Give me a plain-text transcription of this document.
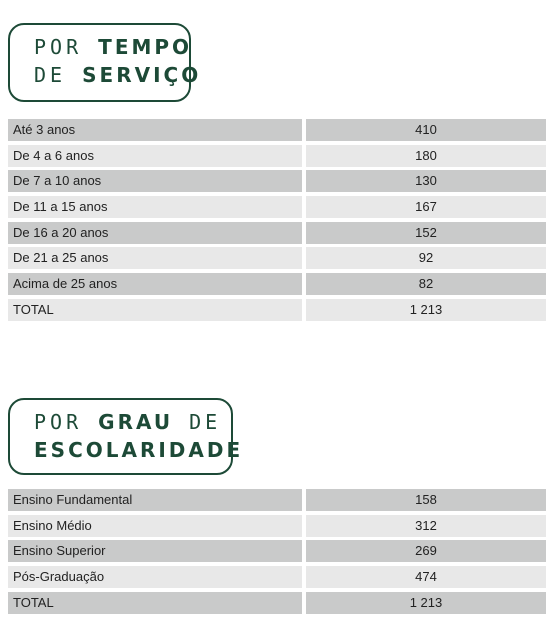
POR TEMPO
DE SERVIÇO
Até 3 anos	410
De 4 a 6 anos	180
De 7 a 10 anos	130
De 11 a 15 anos	167
De 16 a 20 anos	152
De 21 a 25 anos	92
Acima de 25 anos	82
TOTAL	1 213
POR GRAU DE
ESCOLARIDADE
Ensino Fundamental	158
Ensino Médio	312
Ensino Superior	269
Pós-Graduação	474
TOTAL	1 213
